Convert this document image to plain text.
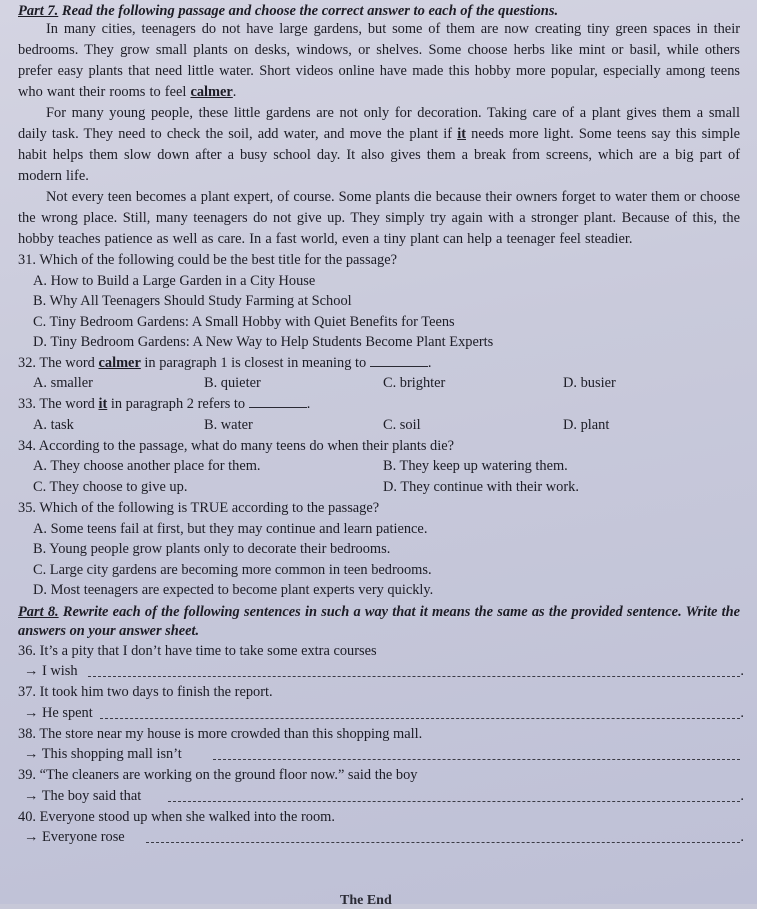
Part 7. Read the following passage and choose the correct answer to each of the questions.

In many cities, teenagers do not have large gardens, but some of them are now creating tiny green spaces in their bedrooms. They grow small plants on desks, windows, or shelves. Some choose herbs like mint or basil, while others prefer easy plants that need little water. Short videos online have made this hobby more popular, especially among teens who want their rooms to feel calmer.

For many young people, these little gardens are not only for decoration. Taking care of a plant gives them a small daily task. They need to check the soil, add water, and move the plant if it needs more light. Some teens say this simple habit helps them slow down after a busy school day. It also gives them a break from screens, which are a big part of modern life.

Not every teen becomes a plant expert, of course. Some plants die because their owners forget to water them or choose the wrong place. Still, many teenagers do not give up. They simply try again with a stronger plant. Because of this, the hobby teaches patience as well as care. In a fast world, even a tiny plant can help a teenager feel steadier.

31. Which of the following could be the best title for the passage?

A. How to Build a Large Garden in a City House

B. Why All Teenagers Should Study Farming at School

C. Tiny Bedroom Gardens: A Small Hobby with Quiet Benefits for Teens

D. Tiny Bedroom Gardens: A New Way to Help Students Become Plant Experts

32. The word calmer in paragraph 1 is closest in meaning to	.

A. smaller	B. quieter	C. brighter	D. busier

33. The word it in paragraph 2 refers to	.

A. task	B. water	C. soil	D. plant

34. According to the passage, what do many teens do when their plants die?

A. They choose another place for them.	B. They keep up watering them.
C. They choose to give up.	D. They continue with their work.

35. Which of the following is TRUE according to the passage?

A. Some teens fail at first, but they may continue and learn patience.

B. Young people grow plants only to decorate their bedrooms.

C. Large city gardens are becoming more common in teen bedrooms.

D. Most teenagers are expected to become plant experts very quickly.

Part 8. Rewrite each of the following sentences in such a way that it means the same as the provided sentence. Write the answers on your answer sheet.

36. It’s a pity that I don’t have time to take some extra courses

→ I wish	.

37. It took him two days to finish the report.

→ He spent	.

38. The store near my house is more crowded than this shopping mall.

→ This shopping mall isn’t

39. “The cleaners are working on the ground floor now.” said the boy

→ The boy said that	.

40. Everyone stood up when she walked into the room.

→ Everyone rose	.
The End
